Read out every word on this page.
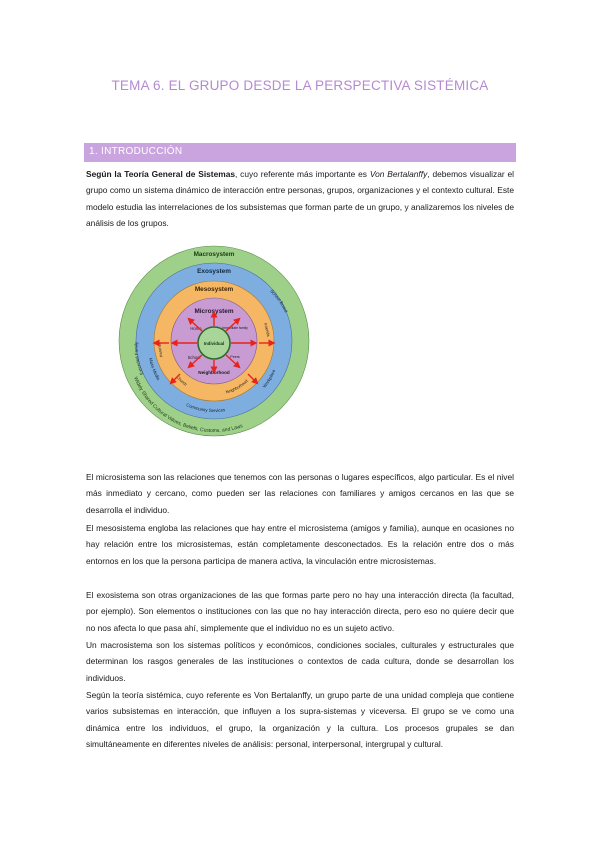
TEMA 6. EL GRUPO DESDE LA PERSPECTIVA SISTÉMICA
1. INTRODUCCIÓN

Según la Teoría General de Sistemas, cuyo referente más importante es Von Bertalanffy, debemos visualizar el grupo como un sistema dinámico de interacción entre personas, grupos, organizaciones y el contexto cultural. Este modelo estudia las interrelaciones de los subsistemas que forman parte de un grupo, y analizaremos los niveles de análisis de los grupos.

Macrosystem
Exosystem
Mesosystem
Microsystem
Individual
Home	Immediate family
School	Peers
Neighborhood
Parents
Friends
Church
Neighborhood
Extended Family
School Board
Mass Media
Community Services
Workplace
Widely Shared Cultural Values, Beliefs, Customs, and Laws

El microsistema son las relaciones que tenemos con las personas o lugares específicos, algo particular. Es el nivel más inmediato y cercano, como pueden ser las relaciones con familiares y amigos cercanos en las que se desarrolla el individuo.

El mesosistema engloba las relaciones que hay entre el microsistema (amigos y familia), aunque en ocasiones no hay relación entre los microsistemas, están completamente desconectados. Es la relación entre dos o más entornos en los que la persona participa de manera activa, la vinculación entre microsistemas.

El exosistema son otras organizaciones de las que formas parte pero no hay una interacción directa (la facultad, por ejemplo). Son elementos o instituciones con las que no hay interacción directa, pero eso no quiere decir que no nos afecta lo que pasa ahí, simplemente que el individuo no es un sujeto activo.

Un macrosistema son los sistemas políticos y económicos, condiciones sociales, culturales y estructurales que determinan los rasgos generales de las instituciones o contextos de cada cultura, donde se desarrollan los individuos.

Según la teoría sistémica, cuyo referente es Von Bertalanffy, un grupo parte de una unidad compleja que contiene varios subsistemas en interacción, que influyen a los supra-sistemas y viceversa. El grupo se ve como una dinámica entre los individuos, el grupo, la organización y la cultura. Los procesos grupales se dan simultáneamente en diferentes niveles de análisis: personal, interpersonal, intergrupal y cultural.
